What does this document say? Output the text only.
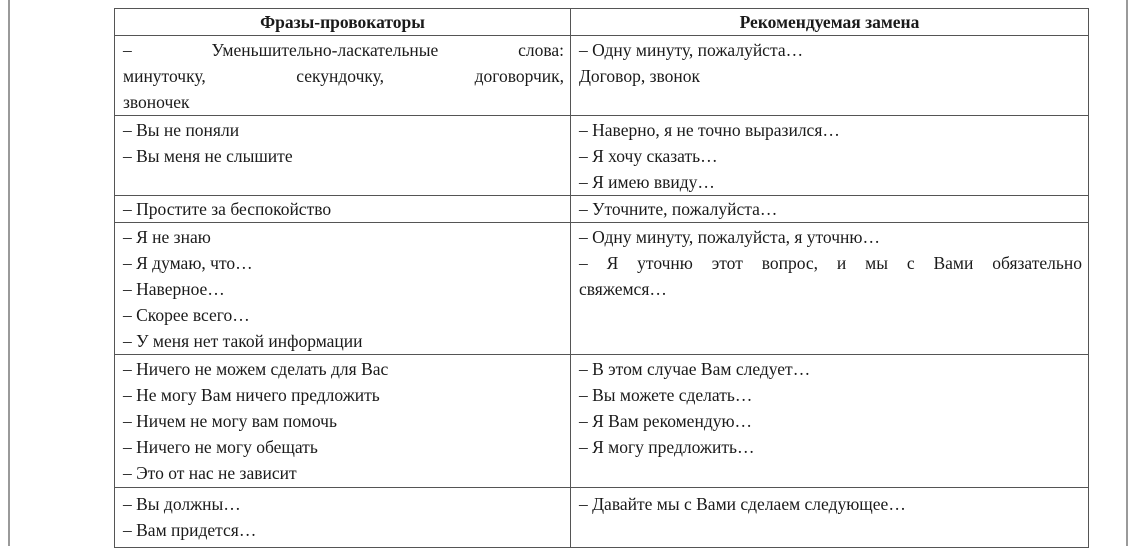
Фразы-провокаторы	Рекомендуемая замена

– Уменьшительно-ласкательные слова:
минуточку, секундочку, договорчик,
звоночек	– Одну минуту, пожалуйста…
Договор, звонок

– Вы не поняли
– Вы меня не слышите	– Наверно, я не точно выразился…
– Я хочу сказать…
– Я имею ввиду…

– Простите за беспокойство	– Уточните, пожалуйста…

– Я не знаю
– Я думаю, что…
– Наверное…
– Скорее всего…
– У меня нет такой информации	– Одну минуту, пожалуйста, я уточню…
– Я уточню этот вопрос, и мы с Вами обязательно
свяжемся…

– Ничего не можем сделать для Вас
– Не могу Вам ничего предложить
– Ничем не могу вам помочь
– Ничего не могу обещать
– Это от нас не зависит	– В этом случае Вам следует…
– Вы можете сделать…
– Я Вам рекомендую…
– Я могу предложить…

– Вы должны…
– Вам придется…	– Давайте мы с Вами сделаем следующее…
